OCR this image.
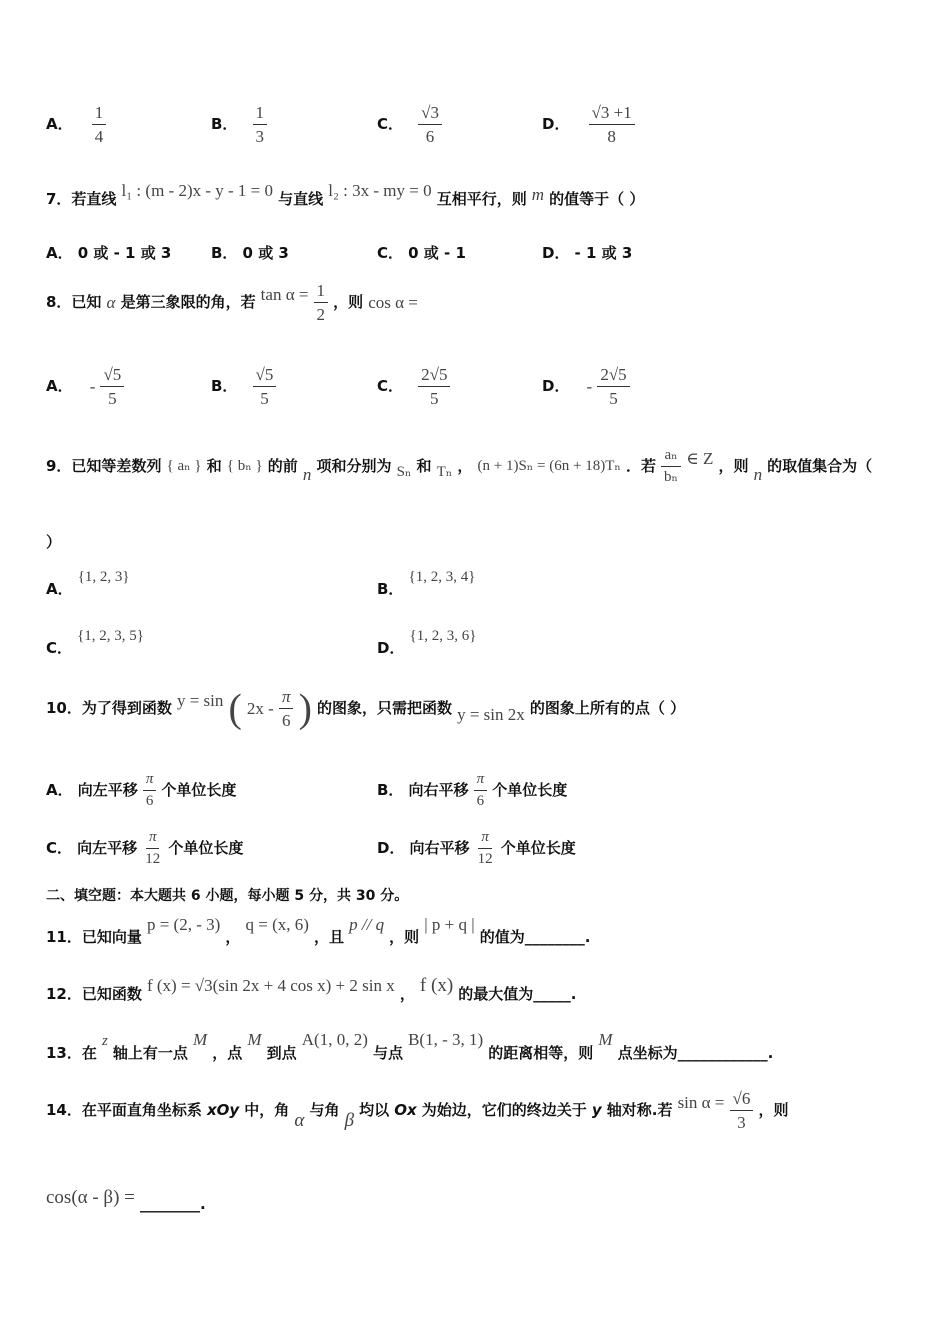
A． $\frac{1}{4}$	B． $\frac{1}{3}$	C． $\frac{√3}{6}$	D． $\frac{√3 +1}{8}$
7．若直线 l₁ : (m - 2)x - y - 1 = 0 与直线 l₂ : 3x - my = 0 互相平行，则 m 的值等于（ ）
A． 0 或 - 1 或 3	B． 0 或 3	C． 0 或 - 1	D． - 1 或 3
8．已知 α 是第三象限的角，若 $\tan \alpha = \frac{1}{2}$ ，则 cos α =
A． - $\frac{√5}{5}$	B． $\frac{√5}{5}$	C． $\frac{2√5}{5}$	D． - $\frac{2√5}{5}$
9．已知等差数列 { aₙ } 和 { bₙ } 的前 n 项和分别为 Sₙ 和 Tₙ ， (n + 1)Sₙ = (6n + 18)Tₙ ．若 $\frac{\text{aₙ}}{\text{bₙ}}$ ∈ Z ，则 n 的取值集合为（
）
A． {1, 2, 3}
B． {1, 2, 3, 4}
C． {1, 2, 3, 5}
D． {1, 2, 3, 6}
10．为了得到函数 y = sin ( $2x - \frac{\pi}{6}$ ) 的图象，只需把函数 y = sin 2x 的图象上所有的点（ ）
A． 向左平移 $\frac{\pi}{6}$ 个单位长度	B． 向右平移 $\frac{\pi}{6}$ 个单位长度
C． 向左平移 $\frac{\pi}{12}$ 个单位长度	D． 向右平移 $\frac{\pi}{12}$ 个单位长度
二、填空题：本大题共 6 小题，每小题 5 分，共 30 分。
11．已知向量 p = (2, - 3) ， q = (x, 6) ，且 p // q ，则 | p + q | 的值为________.
12．已知函数 f (x) = √3(sin 2x + 4 cos x) + 2 sin x ， f (x) 的最大值为_____.
13．在 z 轴上有一点 M ，点 M 到点 A(1, 0, 2) 与点 B(1, - 3, 1) 的距离相等，则 M 点坐标为____________.
14．在平面直角坐标系 xOy 中，角 α 与角 β 均以 Ox 为始边，它们的终边关于 y 轴对称.若 $\sin \alpha = \frac{√6}{3}$ ，则
cos(α - β) = ________.
